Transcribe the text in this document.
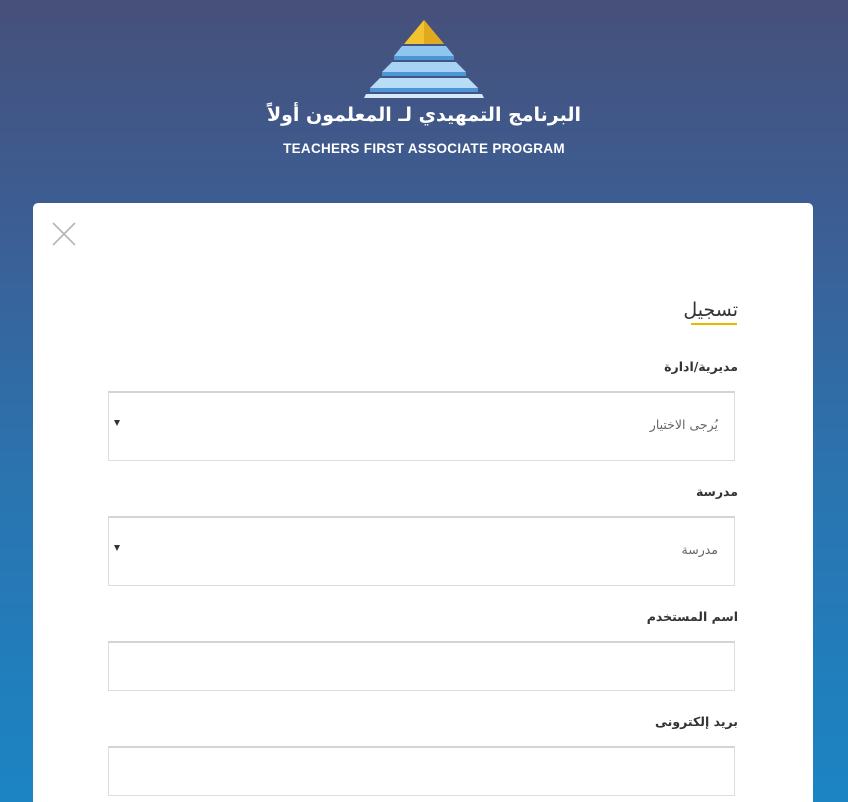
البرنامج التمهيدي لـ المعلمون أولاً
TEACHERS FIRST ASSOCIATE PROGRAM
تسجيل
مديرية/ادارة
يُرجى الاختيار
مدرسة
مدرسة
اسم المستخدم
بريد إلكترونى
